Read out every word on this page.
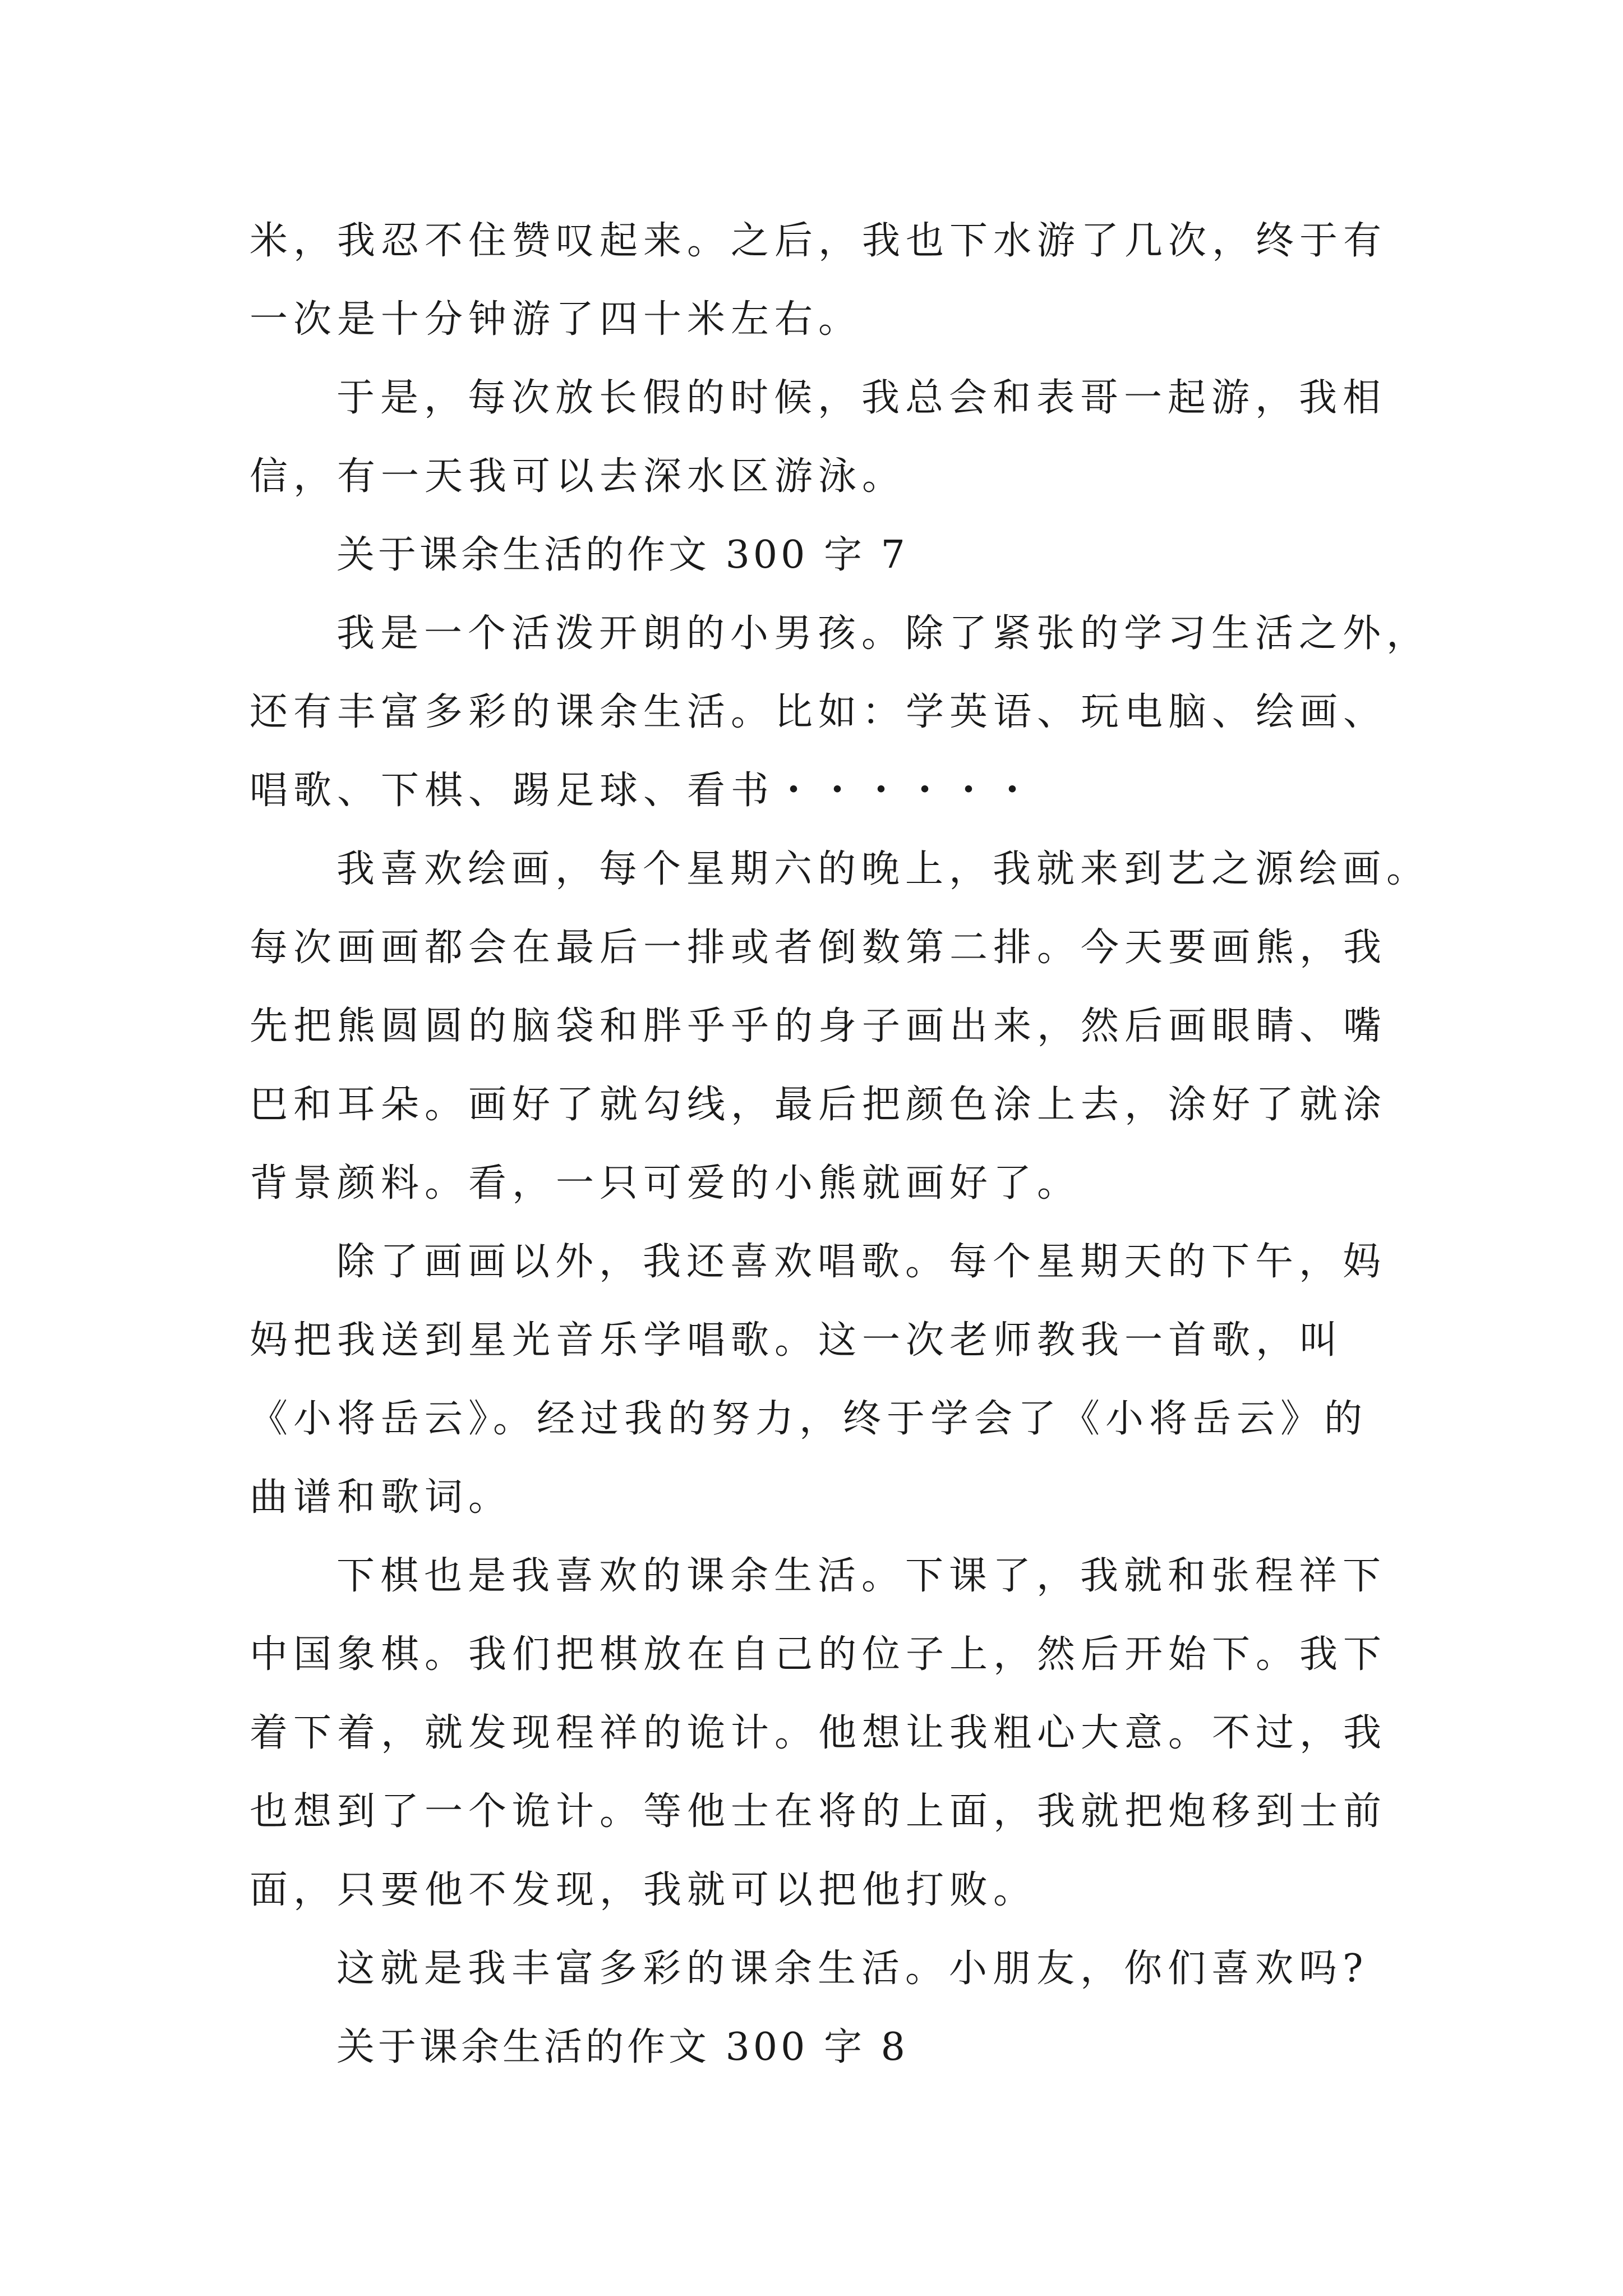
米，我忍不住赞叹起来。之后，我也下水游了几次，终于有
一次是十分钟游了四十米左右。
于是，每次放长假的时候，我总会和表哥一起游，我相
信，有一天我可以去深水区游泳。
关于课余生活的作文 300 字 7
我是一个活泼开朗的小男孩。除了紧张的学习生活之外，
还有丰富多彩的课余生活。比如：学英语、玩电脑、绘画、
唱歌、下棋、踢足球、看书・・・・・・
我喜欢绘画，每个星期六的晚上，我就来到艺之源绘画。
每次画画都会在最后一排或者倒数第二排。今天要画熊，我
先把熊圆圆的脑袋和胖乎乎的身子画出来，然后画眼睛、嘴
巴和耳朵。画好了就勾线，最后把颜色涂上去，涂好了就涂
背景颜料。看，一只可爱的小熊就画好了。
除了画画以外，我还喜欢唱歌。每个星期天的下午，妈
妈把我送到星光音乐学唱歌。这一次老师教我一首歌，叫
《小将岳云》。经过我的努力，终于学会了《小将岳云》的
曲谱和歌词。
下棋也是我喜欢的课余生活。下课了，我就和张程祥下
中国象棋。我们把棋放在自己的位子上，然后开始下。我下
着下着，就发现程祥的诡计。他想让我粗心大意。不过，我
也想到了一个诡计。等他士在将的上面，我就把炮移到士前
面，只要他不发现，我就可以把他打败。
这就是我丰富多彩的课余生活。小朋友，你们喜欢吗?
关于课余生活的作文 300 字 8
